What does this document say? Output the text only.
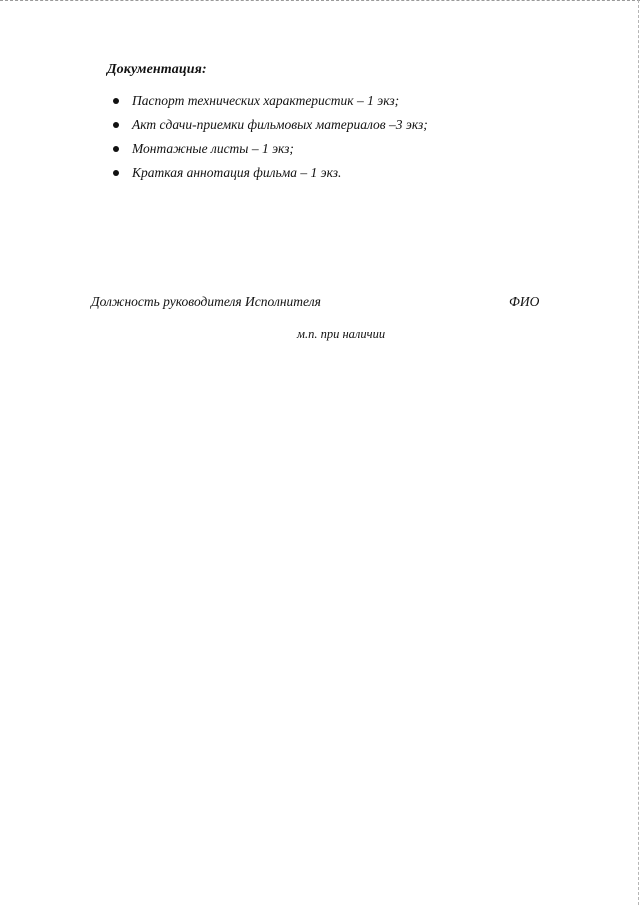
Документация:
Паспорт технических характеристик – 1 экз;
Акт сдачи-приемки фильмовых материалов –3 экз;
Монтажные листы – 1 экз;
Краткая аннотация фильма – 1 экз.
Должность руководителя Исполнителя	ФИО
м.п. при наличии
